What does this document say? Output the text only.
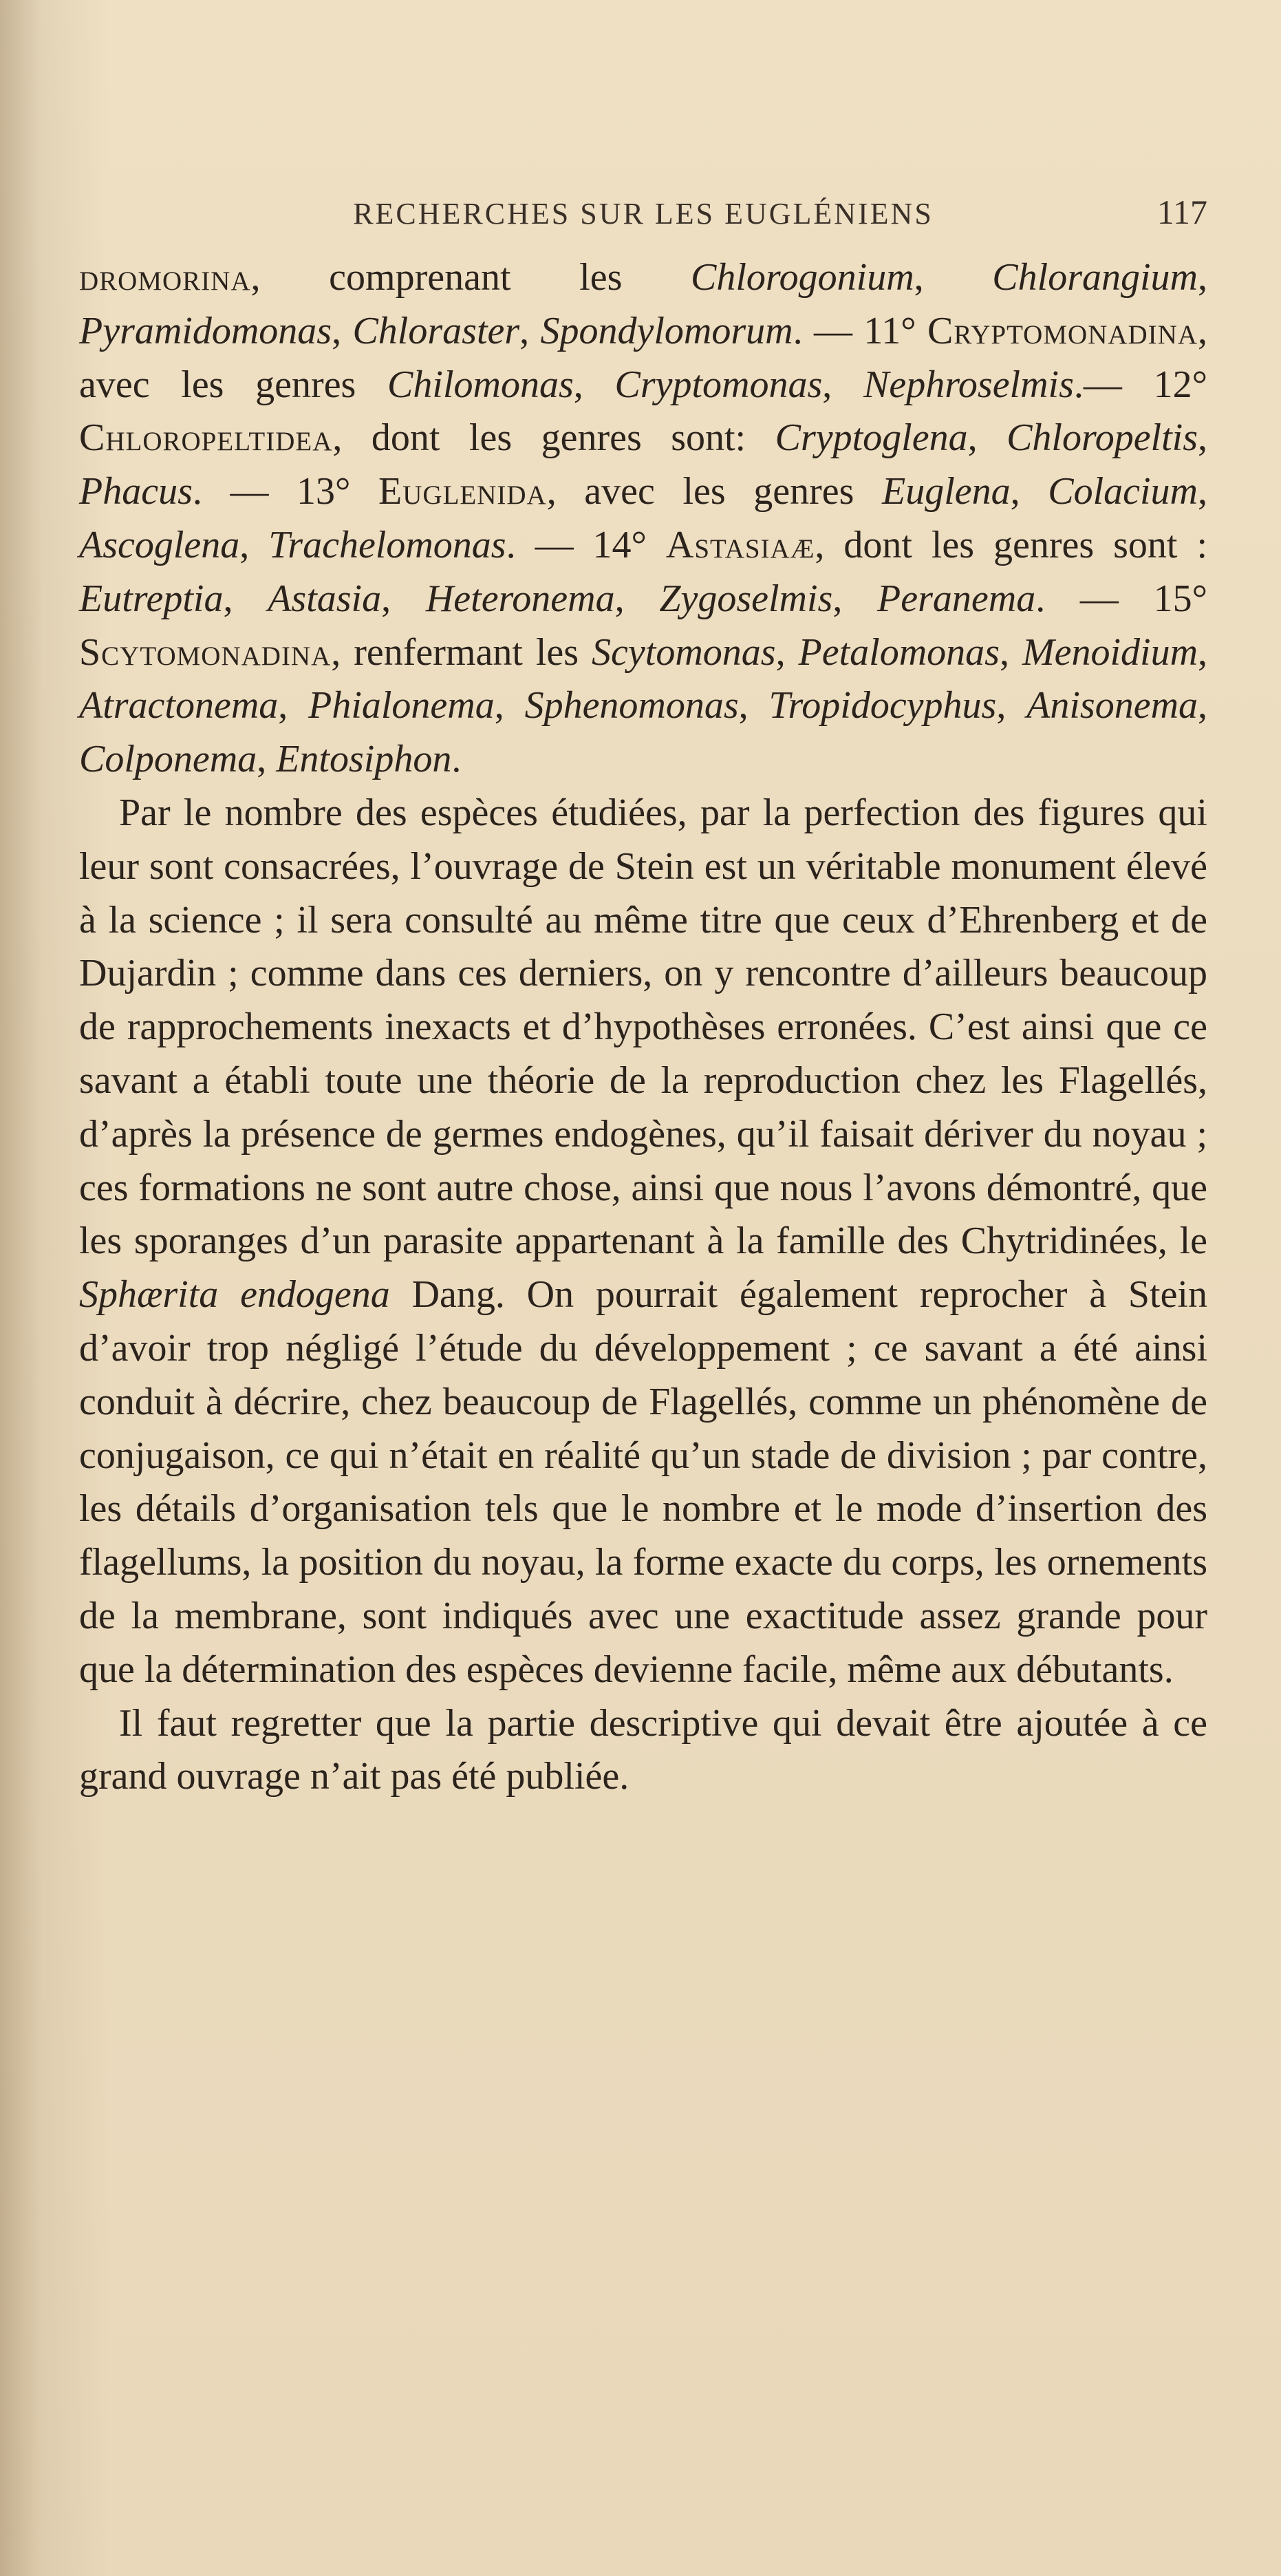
RECHERCHES SUR LES EUGLÉNIENS	117

dromorina, comprenant les Chlorogonium, Chlorangium, Pyramidomonas, Chloraster, Spondylomorum. — 11° Cryptomonadina, avec les genres Chilomonas, Cryptomonas, Nephroselmis.— 12° Chloropeltidea, dont les genres sont: Cryptoglena, Chloropeltis, Phacus. — 13° Euglenida, avec les genres Euglena, Colacium, Ascoglena, Trachelomonas. — 14° Astasiaæ, dont les genres sont : Eutreptia, Astasia, Heteronema, Zygoselmis, Peranema. — 15° Scytomonadina, renfermant les Scytomonas, Petalomonas, Menoidium, Atractonema, Phialonema, Sphenomonas, Tropidocyphus, Anisonema, Colponema, Entosiphon.

Par le nombre des espèces étudiées, par la perfection des figures qui leur sont consacrées, l’ouvrage de Stein est un véritable monument élevé à la science ; il sera consulté au même titre que ceux d’Ehrenberg et de Dujardin ; comme dans ces derniers, on y rencontre d’ailleurs beaucoup de rapprochements inexacts et d’hypothèses erronées. C’est ainsi que ce savant a établi toute une théorie de la reproduction chez les Flagellés, d’après la présence de germes endogènes, qu’il faisait dériver du noyau ; ces formations ne sont autre chose, ainsi que nous l’avons démontré, que les sporanges d’un parasite appartenant à la famille des Chytridinées, le Sphærita endogena Dang. On pourrait également reprocher à Stein d’avoir trop négligé l’étude du développement ; ce savant a été ainsi conduit à décrire, chez beaucoup de Flagellés, comme un phénomène de conjugaison, ce qui n’était en réalité qu’un stade de division ; par contre, les détails d’organisation tels que le nombre et le mode d’insertion des flagellums, la position du noyau, la forme exacte du corps, les ornements de la membrane, sont indiqués avec une exactitude assez grande pour que la détermination des espèces devienne facile, même aux débutants.

Il faut regretter que la partie descriptive qui devait être ajoutée à ce grand ouvrage n’ait pas été publiée.
